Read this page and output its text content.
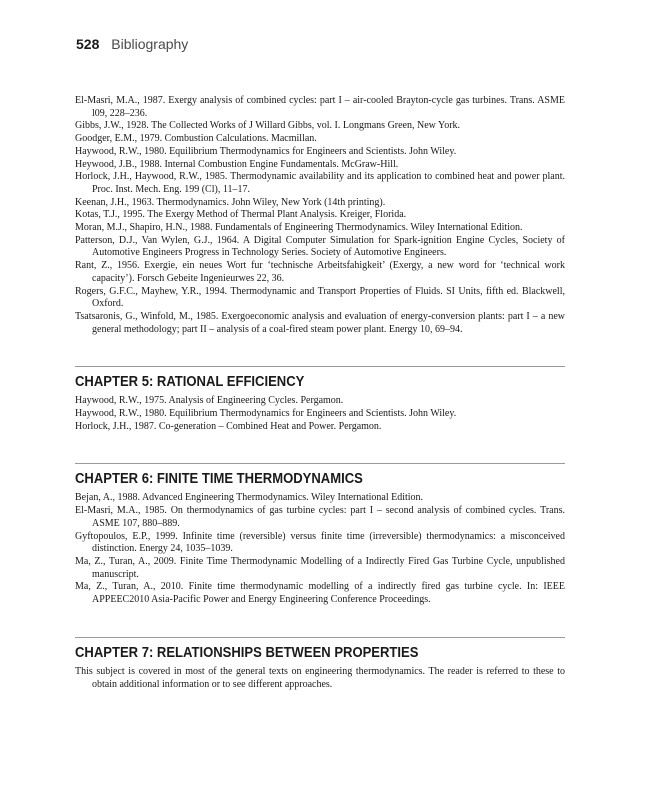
528 Bibliography
El-Masri, M.A., 1987. Exergy analysis of combined cycles: part I – air-cooled Brayton-cycle gas turbines. Trans. ASME l09, 228–236.
Gibbs, J.W., 1928. The Collected Works of J Willard Gibbs, vol. I. Longmans Green, New York.
Goodger, E.M., 1979. Combustion Calculations. Macmillan.
Haywood, R.W., 1980. Equilibrium Thermodynamics for Engineers and Scientists. John Wiley.
Heywood, J.B., 1988. Internal Combustion Engine Fundamentals. McGraw-Hill.
Horlock, J.H., Haywood, R.W., 1985. Thermodynamic availability and its application to combined heat and power plant. Proc. Inst. Mech. Eng. 199 (Cl), 11–17.
Keenan, J.H., 1963. Thermodynamics. John Wiley, New York (14th printing).
Kotas, T.J., 1995. The Exergy Method of Thermal Plant Analysis. Kreiger, Florida.
Moran, M.J., Shapiro, H.N., 1988. Fundamentals of Engineering Thermodynamics. Wiley International Edition.
Patterson, D.J., Van Wylen, G.J., 1964. A Digital Computer Simulation for Spark-ignition Engine Cycles, Society of Automotive Engineers Progress in Technology Series. Society of Automotive Engineers.
Rant, Z., 1956. Exergie, ein neues Wort fur ‘technische Arbeitsfahigkeit’ (Exergy, a new word for ‘technical work capacity’). Forsch Gebeite Ingenieurwes 22, 36.
Rogers, G.F.C., Mayhew, Y.R., 1994. Thermodynamic and Transport Properties of Fluids. SI Units, fifth ed. Blackwell, Oxford.
Tsatsaronis, G., Winfold, M., 1985. Exergoeconomic analysis and evaluation of energy-conversion plants: part I – a new general methodology; part II – analysis of a coal-fired steam power plant. Energy 10, 69–94.
CHAPTER 5: RATIONAL EFFICIENCY
Haywood, R.W., 1975. Analysis of Engineering Cycles. Pergamon.
Haywood, R.W., 1980. Equilibrium Thermodynamics for Engineers and Scientists. John Wiley.
Horlock, J.H., 1987. Co-generation – Combined Heat and Power. Pergamon.
CHAPTER 6: FINITE TIME THERMODYNAMICS
Bejan, A., 1988. Advanced Engineering Thermodynamics. Wiley International Edition.
El-Masri, M.A., 1985. On thermodynamics of gas turbine cycles: part I – second analysis of combined cycles. Trans. ASME 107, 880–889.
Gyftopoulos, E.P., 1999. Infinite time (reversible) versus finite time (irreversible) thermodynamics: a misconceived distinction. Energy 24, 1035–1039.
Ma, Z., Turan, A., 2009. Finite Time Thermodynamic Modelling of a Indirectly Fired Gas Turbine Cycle, unpublished manuscript.
Ma, Z., Turan, A., 2010. Finite time thermodynamic modelling of a indirectly fired gas turbine cycle. In: IEEE APPEEC2010 Asia-Pacific Power and Energy Engineering Conference Proceedings.
CHAPTER 7: RELATIONSHIPS BETWEEN PROPERTIES
This subject is covered in most of the general texts on engineering thermodynamics. The reader is referred to these to obtain additional information or to see different approaches.
